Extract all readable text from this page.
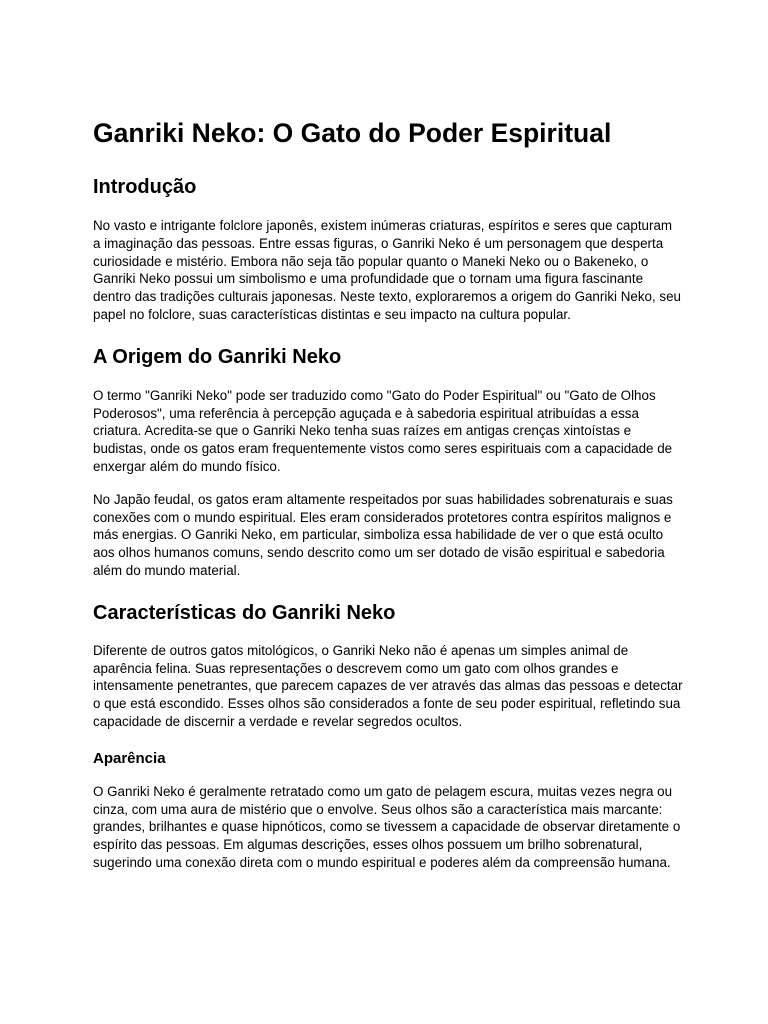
Ganriki Neko: O Gato do Poder Espiritual
Introdução

No vasto e intrigante folclore japonês, existem inúmeras criaturas, espíritos e seres que capturam a imaginação das pessoas. Entre essas figuras, o Ganriki Neko é um personagem que desperta curiosidade e mistério. Embora não seja tão popular quanto o Maneki Neko ou o Bakeneko, o Ganriki Neko possui um simbolismo e uma profundidade que o tornam uma figura fascinante dentro das tradições culturais japonesas. Neste texto, exploraremos a origem do Ganriki Neko, seu papel no folclore, suas características distintas e seu impacto na cultura popular.

A Origem do Ganriki Neko

O termo "Ganriki Neko" pode ser traduzido como "Gato do Poder Espiritual" ou "Gato de Olhos Poderosos", uma referência à percepção aguçada e à sabedoria espiritual atribuídas a essa criatura. Acredita-se que o Ganriki Neko tenha suas raízes em antigas crenças xintoístas e budistas, onde os gatos eram frequentemente vistos como seres espirituais com a capacidade de enxergar além do mundo físico.

No Japão feudal, os gatos eram altamente respeitados por suas habilidades sobrenaturais e suas conexões com o mundo espiritual. Eles eram considerados protetores contra espíritos malignos e más energias. O Ganriki Neko, em particular, simboliza essa habilidade de ver o que está oculto aos olhos humanos comuns, sendo descrito como um ser dotado de visão espiritual e sabedoria além do mundo material.

Características do Ganriki Neko

Diferente de outros gatos mitológicos, o Ganriki Neko não é apenas um simples animal de aparência felina. Suas representações o descrevem como um gato com olhos grandes e intensamente penetrantes, que parecem capazes de ver através das almas das pessoas e detectar o que está escondido. Esses olhos são considerados a fonte de seu poder espiritual, refletindo sua capacidade de discernir a verdade e revelar segredos ocultos.

Aparência

O Ganriki Neko é geralmente retratado como um gato de pelagem escura, muitas vezes negra ou cinza, com uma aura de mistério que o envolve. Seus olhos são a característica mais marcante: grandes, brilhantes e quase hipnóticos, como se tivessem a capacidade de observar diretamente o espírito das pessoas. Em algumas descrições, esses olhos possuem um brilho sobrenatural, sugerindo uma conexão direta com o mundo espiritual e poderes além da compreensão humana.
